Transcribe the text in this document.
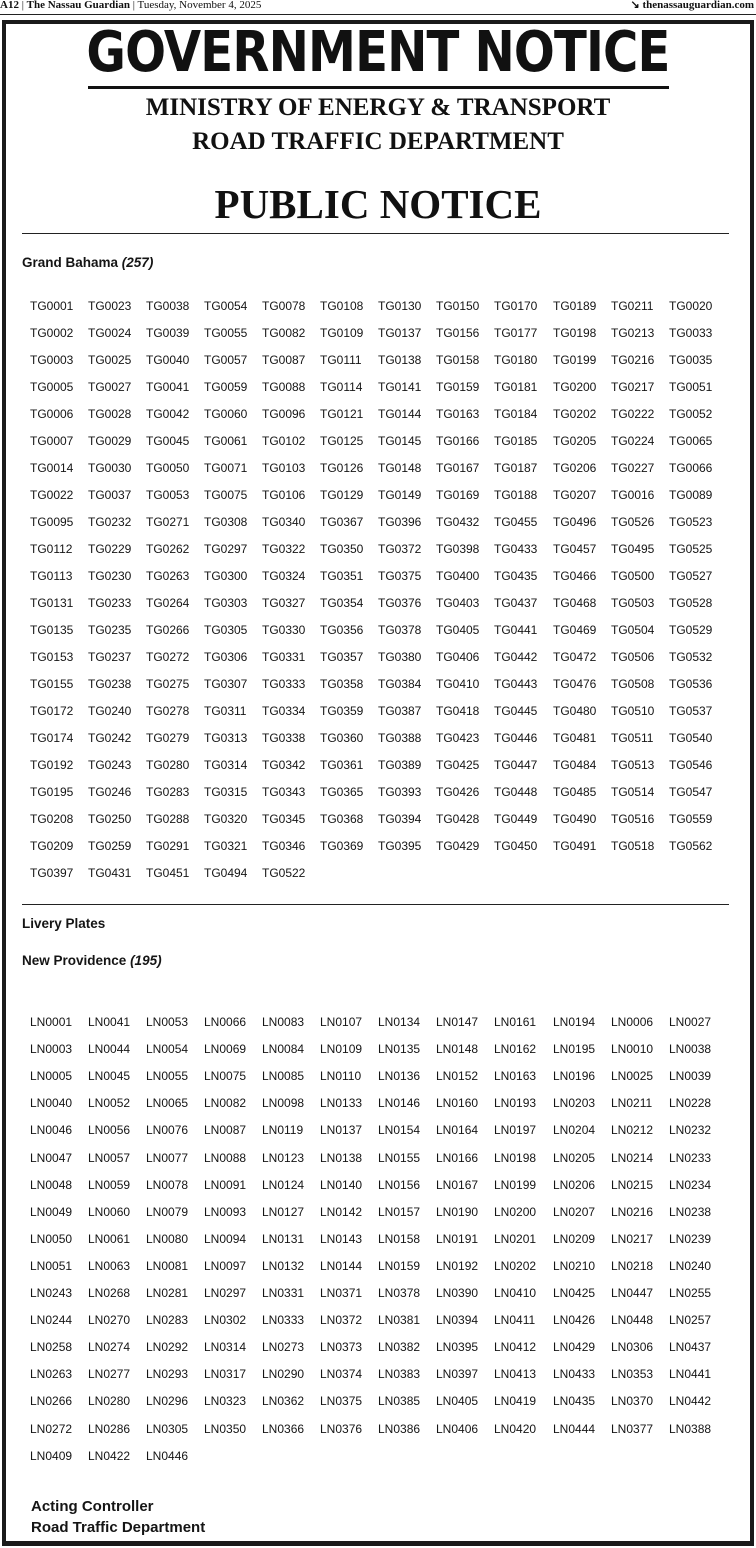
A12 | The Nassau Guardian | Tuesday, November 4, 2025	↘ thenassauguardian.com
GOVERNMENT NOTICE
MINISTRY OF ENERGY & TRANSPORT
ROAD TRAFFIC DEPARTMENT
PUBLIC NOTICE
Grand Bahama (257)
TG0001 TG0023 TG0038 TG0054 TG0078 TG0108 TG0130 TG0150 TG0170 TG0189 TG0211 TG0020
TG0002 TG0024 TG0039 TG0055 TG0082 TG0109 TG0137 TG0156 TG0177 TG0198 TG0213 TG0033
TG0003 TG0025 TG0040 TG0057 TG0087 TG0111 TG0138 TG0158 TG0180 TG0199 TG0216 TG0035
TG0005 TG0027 TG0041 TG0059 TG0088 TG0114 TG0141 TG0159 TG0181 TG0200 TG0217 TG0051
TG0006 TG0028 TG0042 TG0060 TG0096 TG0121 TG0144 TG0163 TG0184 TG0202 TG0222 TG0052
TG0007 TG0029 TG0045 TG0061 TG0102 TG0125 TG0145 TG0166 TG0185 TG0205 TG0224 TG0065
TG0014 TG0030 TG0050 TG0071 TG0103 TG0126 TG0148 TG0167 TG0187 TG0206 TG0227 TG0066
TG0022 TG0037 TG0053 TG0075 TG0106 TG0129 TG0149 TG0169 TG0188 TG0207 TG0016 TG0089
TG0095 TG0232 TG0271 TG0308 TG0340 TG0367 TG0396 TG0432 TG0455 TG0496 TG0526 TG0523
TG0112 TG0229 TG0262 TG0297 TG0322 TG0350 TG0372 TG0398 TG0433 TG0457 TG0495 TG0525
TG0113 TG0230 TG0263 TG0300 TG0324 TG0351 TG0375 TG0400 TG0435 TG0466 TG0500 TG0527
TG0131 TG0233 TG0264 TG0303 TG0327 TG0354 TG0376 TG0403 TG0437 TG0468 TG0503 TG0528
TG0135 TG0235 TG0266 TG0305 TG0330 TG0356 TG0378 TG0405 TG0441 TG0469 TG0504 TG0529
TG0153 TG0237 TG0272 TG0306 TG0331 TG0357 TG0380 TG0406 TG0442 TG0472 TG0506 TG0532
TG0155 TG0238 TG0275 TG0307 TG0333 TG0358 TG0384 TG0410 TG0443 TG0476 TG0508 TG0536
TG0172 TG0240 TG0278 TG0311 TG0334 TG0359 TG0387 TG0418 TG0445 TG0480 TG0510 TG0537
TG0174 TG0242 TG0279 TG0313 TG0338 TG0360 TG0388 TG0423 TG0446 TG0481 TG0511 TG0540
TG0192 TG0243 TG0280 TG0314 TG0342 TG0361 TG0389 TG0425 TG0447 TG0484 TG0513 TG0546
TG0195 TG0246 TG0283 TG0315 TG0343 TG0365 TG0393 TG0426 TG0448 TG0485 TG0514 TG0547
TG0208 TG0250 TG0288 TG0320 TG0345 TG0368 TG0394 TG0428 TG0449 TG0490 TG0516 TG0559
TG0209 TG0259 TG0291 TG0321 TG0346 TG0369 TG0395 TG0429 TG0450 TG0491 TG0518 TG0562
TG0397 TG0431 TG0451 TG0494 TG0522
Livery Plates
New Providence (195)
LN0001 LN0041 LN0053 LN0066 LN0083 LN0107 LN0134 LN0147 LN0161 LN0194 LN0006 LN0027
LN0003 LN0044 LN0054 LN0069 LN0084 LN0109 LN0135 LN0148 LN0162 LN0195 LN0010 LN0038
LN0005 LN0045 LN0055 LN0075 LN0085 LN0110 LN0136 LN0152 LN0163 LN0196 LN0025 LN0039
LN0040 LN0052 LN0065 LN0082 LN0098 LN0133 LN0146 LN0160 LN0193 LN0203 LN0211 LN0228
LN0046 LN0056 LN0076 LN0087 LN0119 LN0137 LN0154 LN0164 LN0197 LN0204 LN0212 LN0232
LN0047 LN0057 LN0077 LN0088 LN0123 LN0138 LN0155 LN0166 LN0198 LN0205 LN0214 LN0233
LN0048 LN0059 LN0078 LN0091 LN0124 LN0140 LN0156 LN0167 LN0199 LN0206 LN0215 LN0234
LN0049 LN0060 LN0079 LN0093 LN0127 LN0142 LN0157 LN0190 LN0200 LN0207 LN0216 LN0238
LN0050 LN0061 LN0080 LN0094 LN0131 LN0143 LN0158 LN0191 LN0201 LN0209 LN0217 LN0239
LN0051 LN0063 LN0081 LN0097 LN0132 LN0144 LN0159 LN0192 LN0202 LN0210 LN0218 LN0240
LN0243 LN0268 LN0281 LN0297 LN0331 LN0371 LN0378 LN0390 LN0410 LN0425 LN0447 LN0255
LN0244 LN0270 LN0283 LN0302 LN0333 LN0372 LN0381 LN0394 LN0411 LN0426 LN0448 LN0257
LN0258 LN0274 LN0292 LN0314 LN0273 LN0373 LN0382 LN0395 LN0412 LN0429 LN0306 LN0437
LN0263 LN0277 LN0293 LN0317 LN0290 LN0374 LN0383 LN0397 LN0413 LN0433 LN0353 LN0441
LN0266 LN0280 LN0296 LN0323 LN0362 LN0375 LN0385 LN0405 LN0419 LN0435 LN0370 LN0442
LN0272 LN0286 LN0305 LN0350 LN0366 LN0376 LN0386 LN0406 LN0420 LN0444 LN0377 LN0388
LN0409 LN0422 LN0446
Acting Controller
Road Traffic Department
